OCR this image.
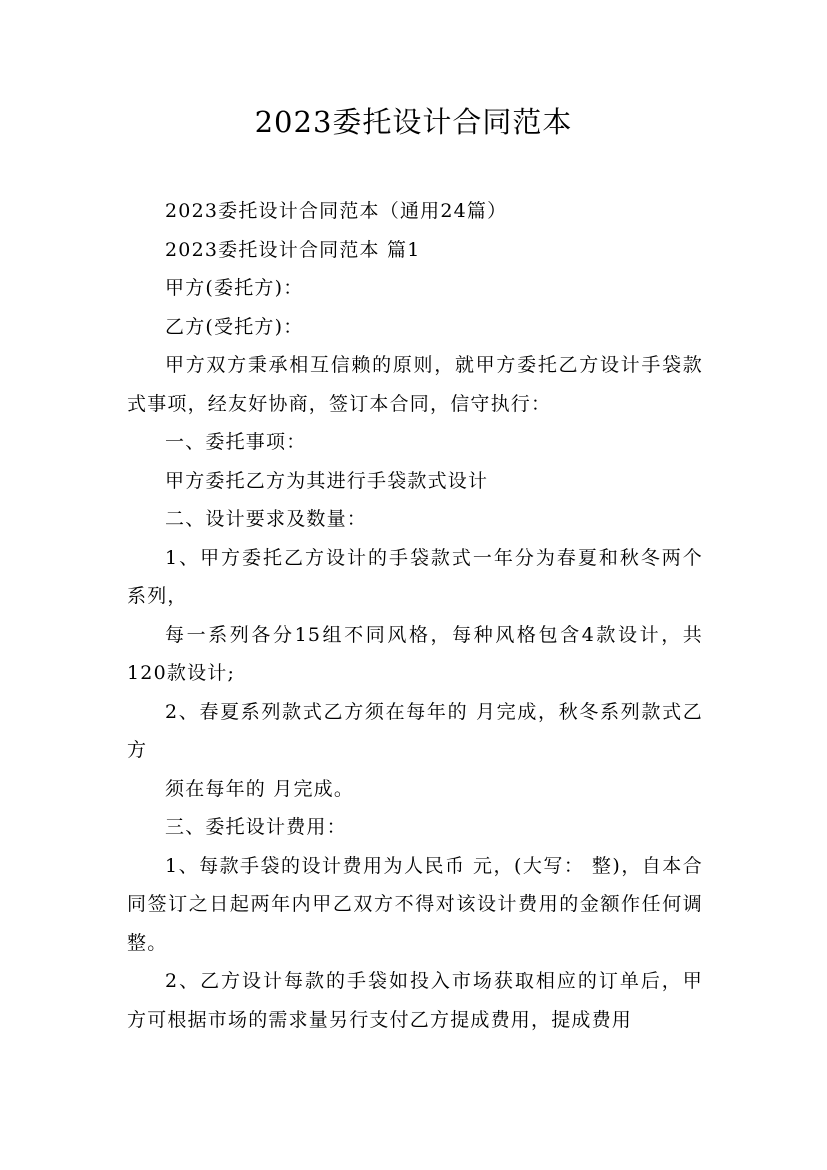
2023委托设计合同范本

2023委托设计合同范本（通用24篇）

2023委托设计合同范本 篇1

甲方(委托方)：

乙方(受托方)：

甲方双方秉承相互信赖的原则，就甲方委托乙方设计手袋款式事项，经友好协商，签订本合同，信守执行：

一、委托事项：

甲方委托乙方为其进行手袋款式设计

二、设计要求及数量：

1、甲方委托乙方设计的手袋款式一年分为春夏和秋冬两个系列，

每一系列各分15组不同风格，每种风格包含4款设计，共120款设计;

2、春夏系列款式乙方须在每年的 月完成，秋冬系列款式乙方

须在每年的 月完成。

三、委托设计费用：

1、每款手袋的设计费用为人民币 元，(大写： 整)，自本合同签订之日起两年内甲乙双方不得对该设计费用的金额作任何调整。

2、乙方设计每款的手袋如投入市场获取相应的订单后，甲方可根据市场的需求量另行支付乙方提成费用，提成费用
